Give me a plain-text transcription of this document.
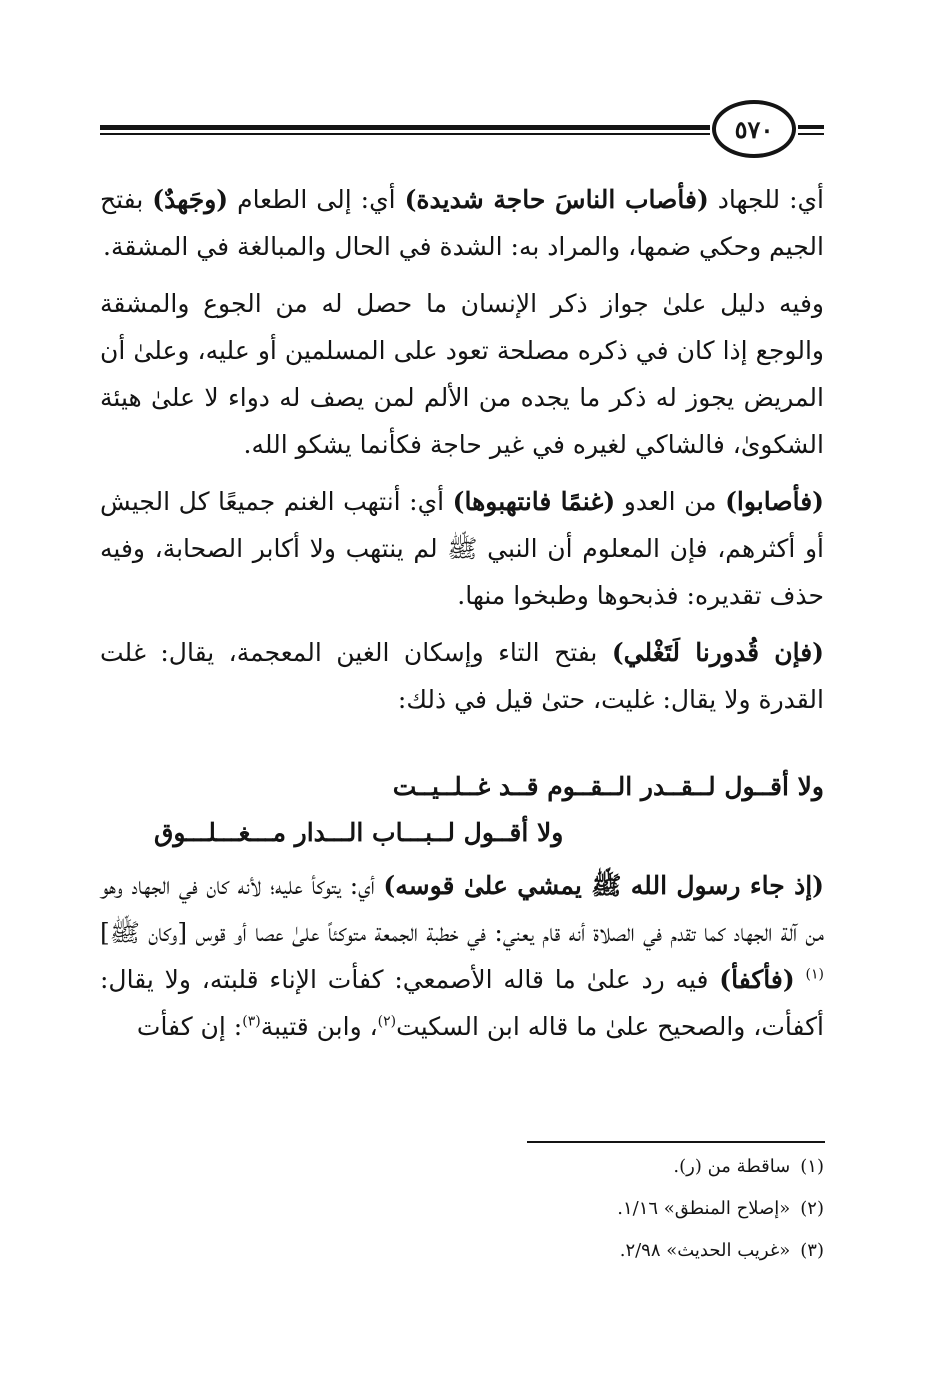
٥٧٠

أي: للجهاد (فأصاب الناسَ حاجة شديدة) أي: إلى الطعام (وجَهدٌ) بفتح الجيم وحكي ضمها، والمراد به: الشدة في الحال والمبالغة في المشقة.

وفيه دليل علىٰ جواز ذكر الإنسان ما حصل له من الجوع والمشقة والوجع إذا كان في ذكره مصلحة تعود على المسلمين أو عليه، وعلىٰ أن المريض يجوز له ذكر ما يجده من الألم لمن يصف له دواء لا علىٰ هيئة الشكوىٰ، فالشاكي لغيره في غير حاجة فكأنما يشكو الله.

(فأصابوا) من العدو (غنمًا فانتهبوها) أي: أنتهب الغنم جميعًا كل الجيش أو أكثرهم، فإن المعلوم أن النبي ﷺ لم ينتهب ولا أكابر الصحابة، وفيه حذف تقديره: فذبحوها وطبخوا منها.

(فإن قُدورنا لَتَغْلي) بفتح التاء وإسكان الغين المعجمة، يقال: غلت القدرة ولا يقال: غليت، حتىٰ قيل في ذلك:

ولا أقــول لــقــدر الــقــوم قــد غــلــيــت
ولا أقــول لــبـــاب الـــدار مـــغـــلـــوق

(إذ جاء رسول الله ﷺ يمشي علىٰ قوسه) أي: يتوكأ عليه؛ لأنه كان في الجهاد وهو من آلة الجهاد كما تقدم في الصلاة أنه قام يعني: في خطبة الجمعة متوكئاً علىٰ عصا أو قوس [وكان ﷺ]$^{(١)}$ (فأكفأ) فيه رد علىٰ ما قاله الأصمعي: كفأت الإناء قلبته، ولا يقال: أكفأت، والصحيح علىٰ ما قاله ابن السكيت$^{(٢)}$، وابن قتيبة$^{(٣)}$: إن كفأت

(١)ساقطة من (ر).
(٢)«إصلاح المنطق» ١/١٦.
(٣)«غريب الحديث» ٢/٩٨.
